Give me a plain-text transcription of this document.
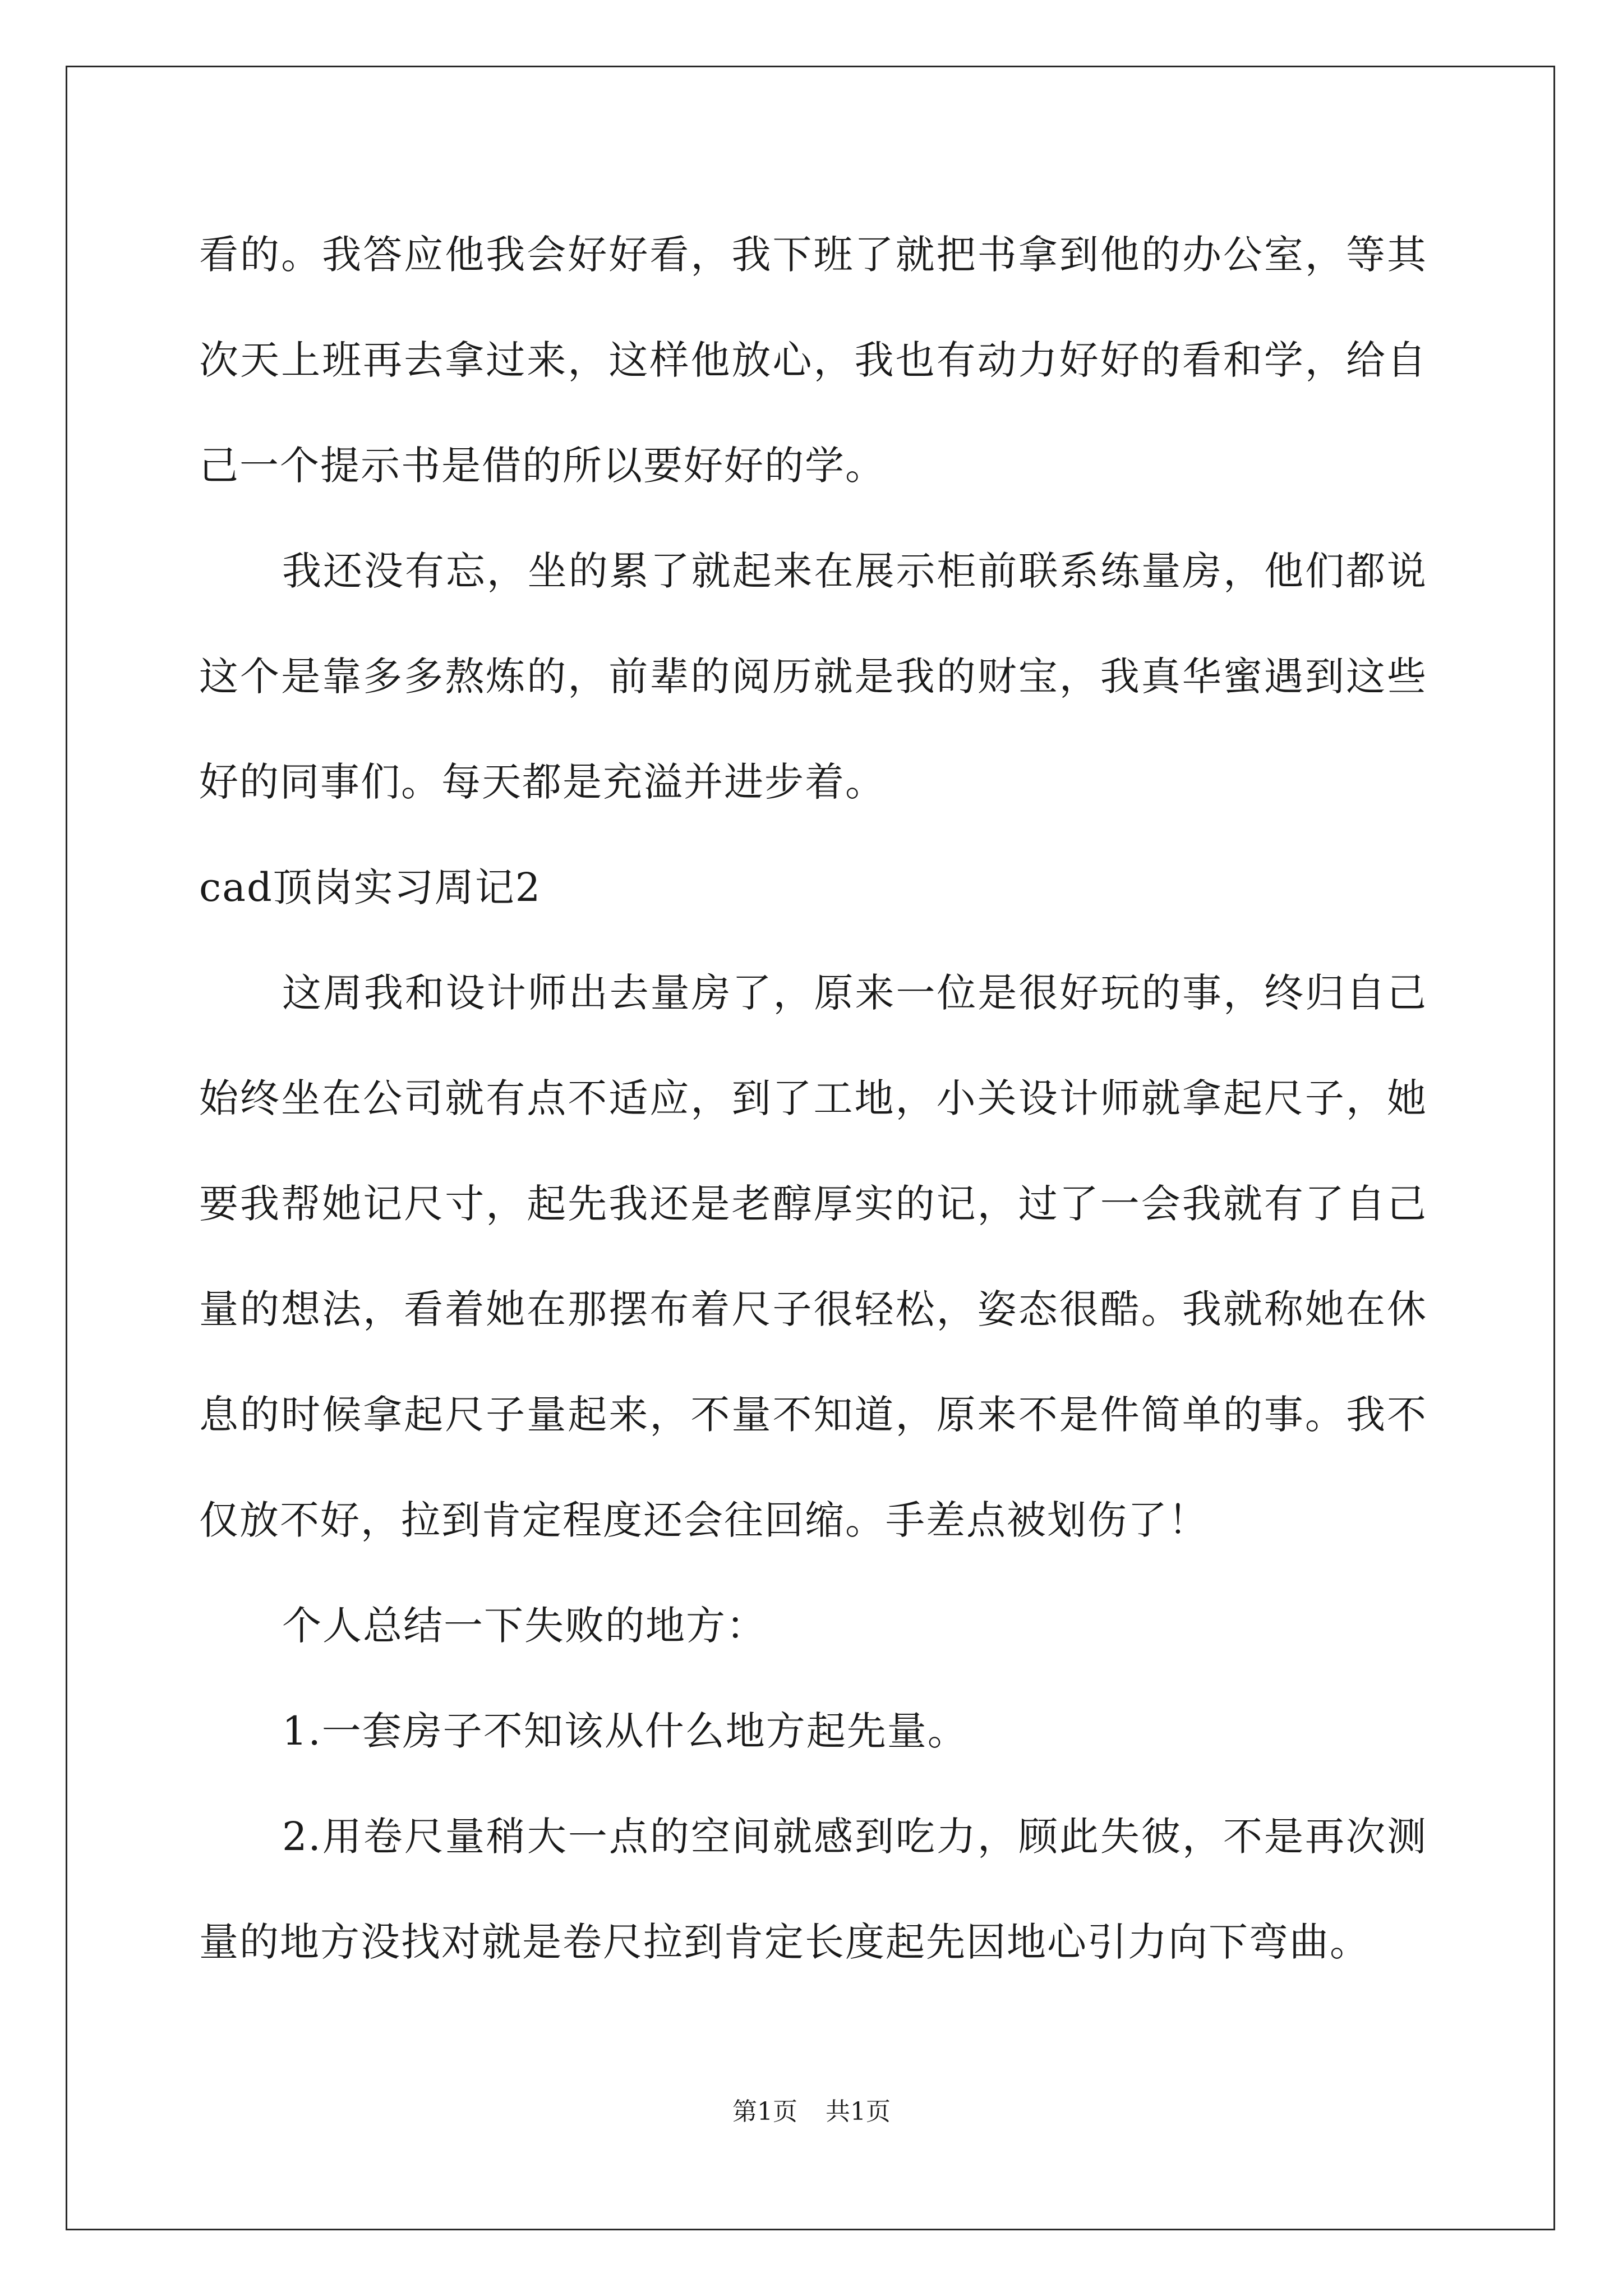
看的。我答应他我会好好看，我下班了就把书拿到他的办公室，等其次天上班再去拿过来，这样他放心，我也有动力好好的看和学，给自己一个提示书是借的所以要好好的学。

我还没有忘，坐的累了就起来在展示柜前联系练量房，他们都说这个是靠多多熬炼的，前辈的阅历就是我的财宝，我真华蜜遇到这些好的同事们。每天都是充溢并进步着。

cad顶岗实习周记2

这周我和设计师出去量房了，原来一位是很好玩的事，终归自己始终坐在公司就有点不适应，到了工地，小关设计师就拿起尺子，她要我帮她记尺寸，起先我还是老醇厚实的记，过了一会我就有了自己量的想法，看着她在那摆布着尺子很轻松，姿态很酷。我就称她在休息的时候拿起尺子量起来，不量不知道，原来不是件简单的事。我不仅放不好，拉到肯定程度还会往回缩。手差点被划伤了！

个人总结一下失败的地方：

1.一套房子不知该从什么地方起先量。

2.用卷尺量稍大一点的空间就感到吃力，顾此失彼，不是再次测量的地方没找对就是卷尺拉到肯定长度起先因地心引力向下弯曲。

第1页 共1页
